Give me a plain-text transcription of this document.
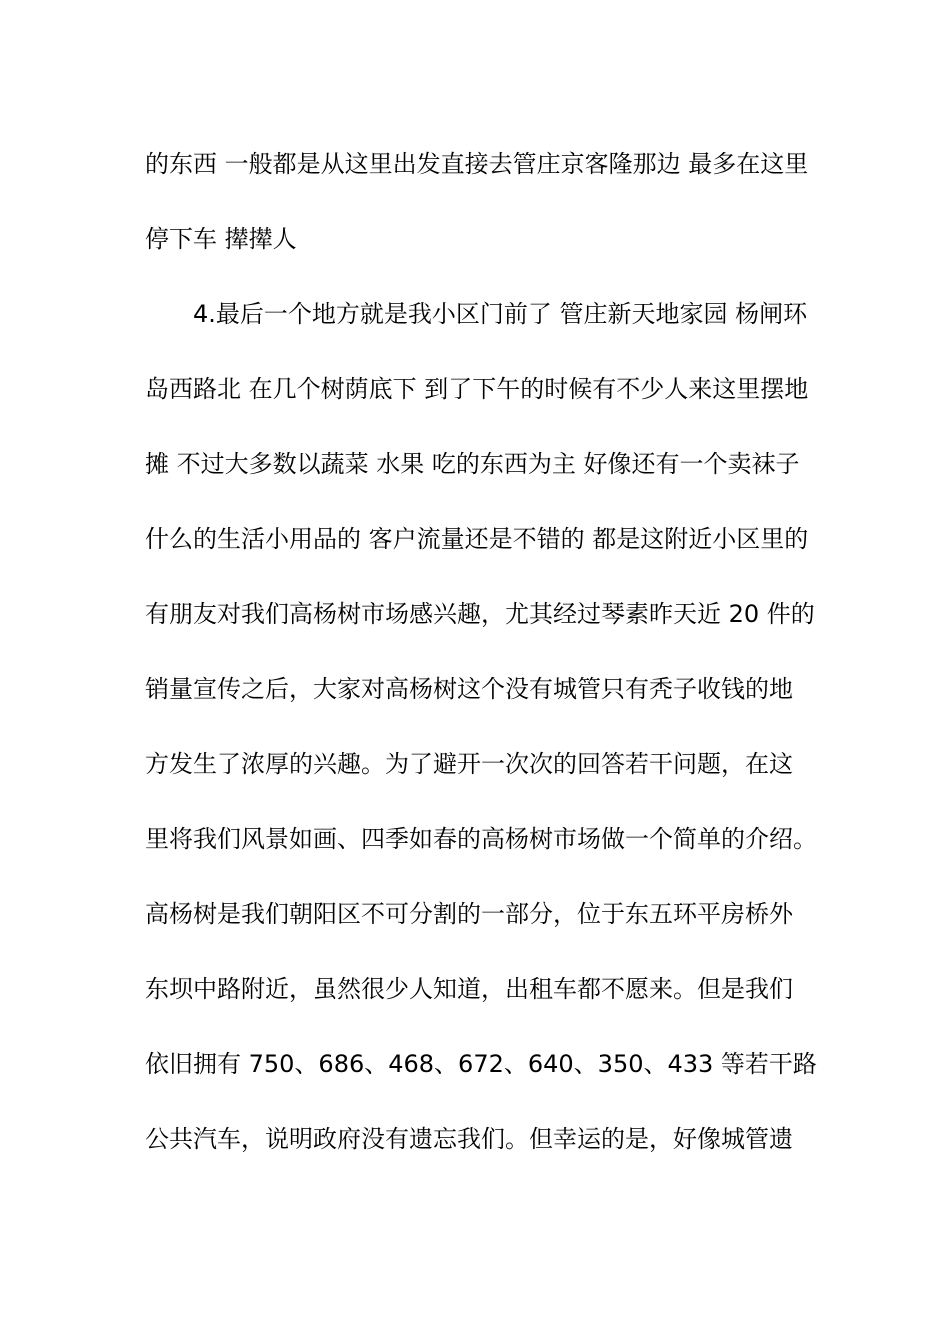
的东西 一般都是从这里出发直接去管庄京客隆那边 最多在这里
停下车 撵撵人
4.最后一个地方就是我小区门前了 管庄新天地家园 杨闸环
岛西路北 在几个树荫底下 到了下午的时候有不少人来这里摆地
摊 不过大多数以蔬菜 水果 吃的东西为主 好像还有一个卖袜子
什么的生活小用品的 客户流量还是不错的 都是这附近小区里的
有朋友对我们高杨树市场感兴趣，尤其经过琴素昨天近 20 件的
销量宣传之后，大家对高杨树这个没有城管只有秃子收钱的地
方发生了浓厚的兴趣。为了避开一次次的回答若干问题，在这
里将我们风景如画、四季如春的高杨树市场做一个简单的介绍。
高杨树是我们朝阳区不可分割的一部分，位于东五环平房桥外
东坝中路附近，虽然很少人知道，出租车都不愿来。但是我们
依旧拥有 750、686、468、672、640、350、433 等若干路
公共汽车，说明政府没有遗忘我们。但幸运的是，好像城管遗
